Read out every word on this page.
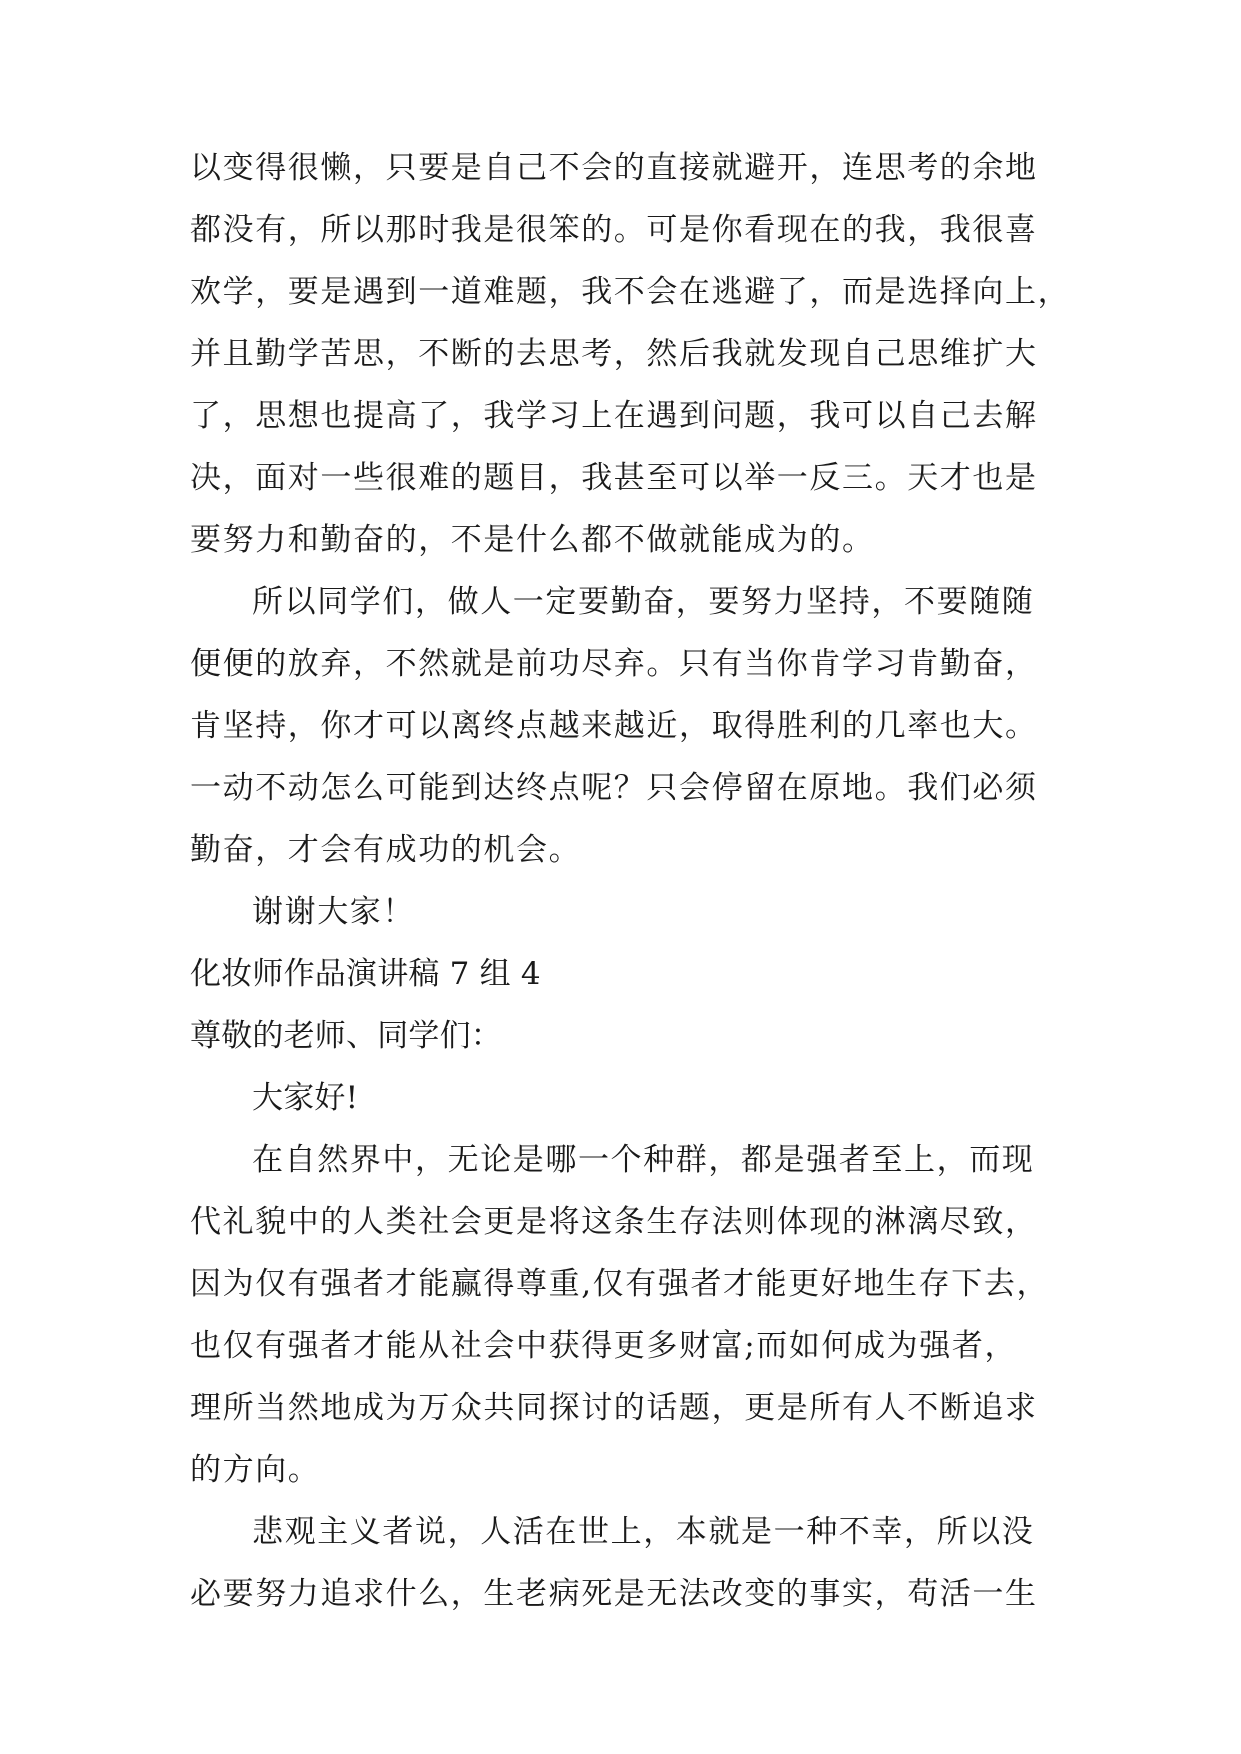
以变得很懒，只要是自己不会的直接就避开，连思考的余地
都没有，所以那时我是很笨的。可是你看现在的我，我很喜
欢学，要是遇到一道难题，我不会在逃避了，而是选择向上，
并且勤学苦思，不断的去思考，然后我就发现自己思维扩大
了，思想也提高了，我学习上在遇到问题，我可以自己去解
决，面对一些很难的题目，我甚至可以举一反三。天才也是
要努力和勤奋的，不是什么都不做就能成为的。
所以同学们，做人一定要勤奋，要努力坚持，不要随随
便便的放弃，不然就是前功尽弃。只有当你肯学习肯勤奋，
肯坚持，你才可以离终点越来越近，取得胜利的几率也大。
一动不动怎么可能到达终点呢？只会停留在原地。我们必须
勤奋，才会有成功的机会。
谢谢大家！
化妆师作品演讲稿 7 组 4
尊敬的老师、同学们：
大家好!
在自然界中，无论是哪一个种群，都是强者至上，而现
代礼貌中的人类社会更是将这条生存法则体现的淋漓尽致，
因为仅有强者才能赢得尊重,仅有强者才能更好地生存下去，
也仅有强者才能从社会中获得更多财富;而如何成为强者，
理所当然地成为万众共同探讨的话题，更是所有人不断追求
的方向。
悲观主义者说，人活在世上，本就是一种不幸，所以没
必要努力追求什么，生老病死是无法改变的事实，苟活一生
